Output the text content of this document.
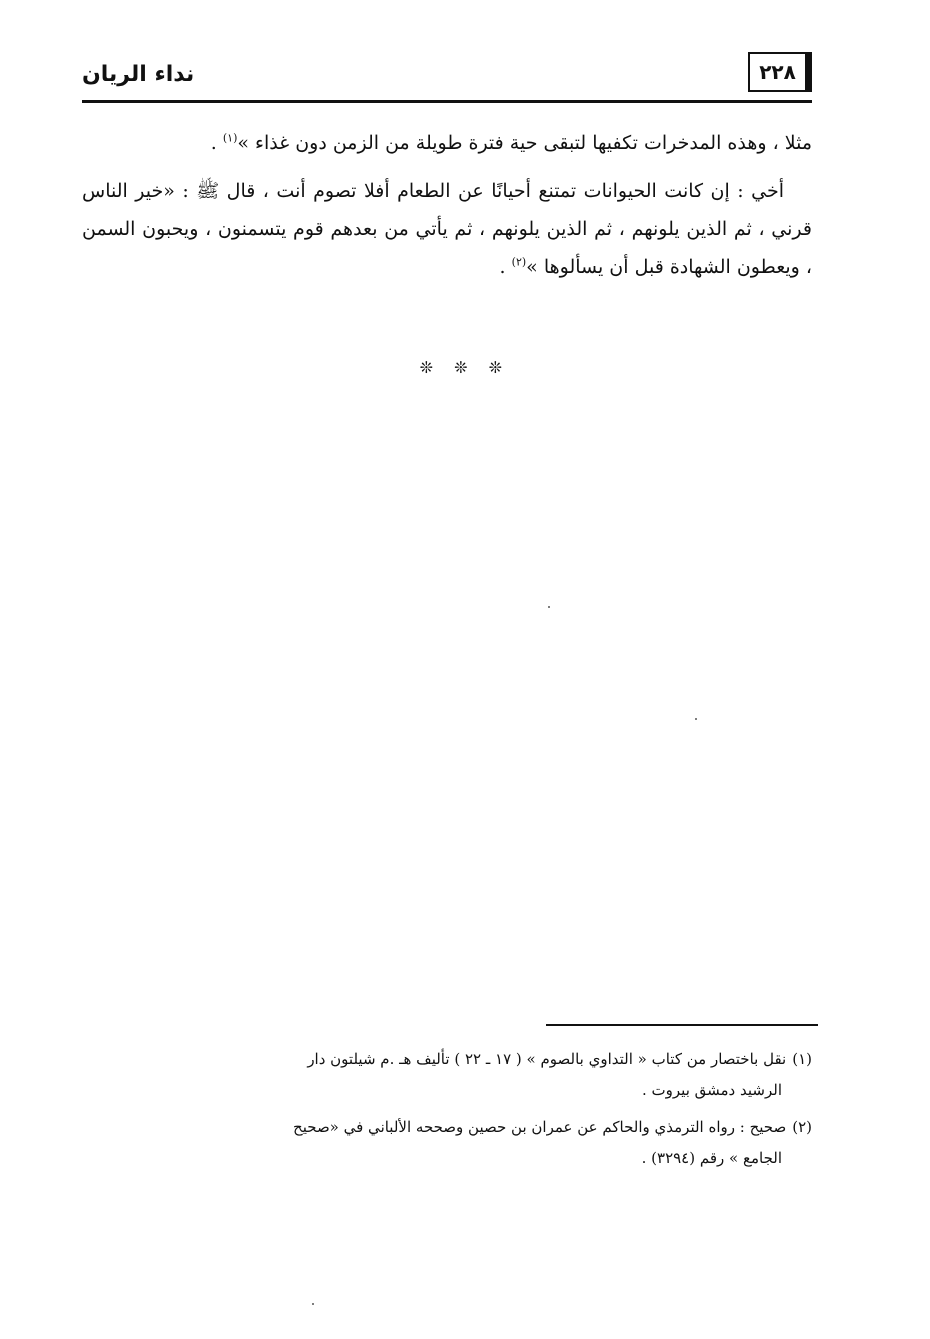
نداء الريان	٢٢٨

مثلا ، وهذه المدخرات تكفيها لتبقى حية فترة طويلة من الزمن دون غذاء »$^{(١)}$ .

أخي : إن كانت الحيوانات تمتنع أحيانًا عن الطعام أفلا تصوم أنت ، قال ﷺ : «خير الناس قرني ، ثم الذين يلونهم ، ثم الذين يلونهم ، ثم يأتي من بعدهم قوم يتسمنون ، ويحبون السمن ، ويعطون الشهادة قبل أن يسألوها »$^{(٢)}$ .

❊ ❊ ❊

(١)نقل باختصار من كتاب « التداوي بالصوم » ( ١٧ ـ ٢٢ ) تأليف هـ .م شيلتون دار
الرشيد دمشق بيروت .

(٢)صحيح : رواه الترمذي والحاكم عن عمران بن حصين وصححه الألباني في «صحيح
الجامع » رقم (٣٢٩٤) .
